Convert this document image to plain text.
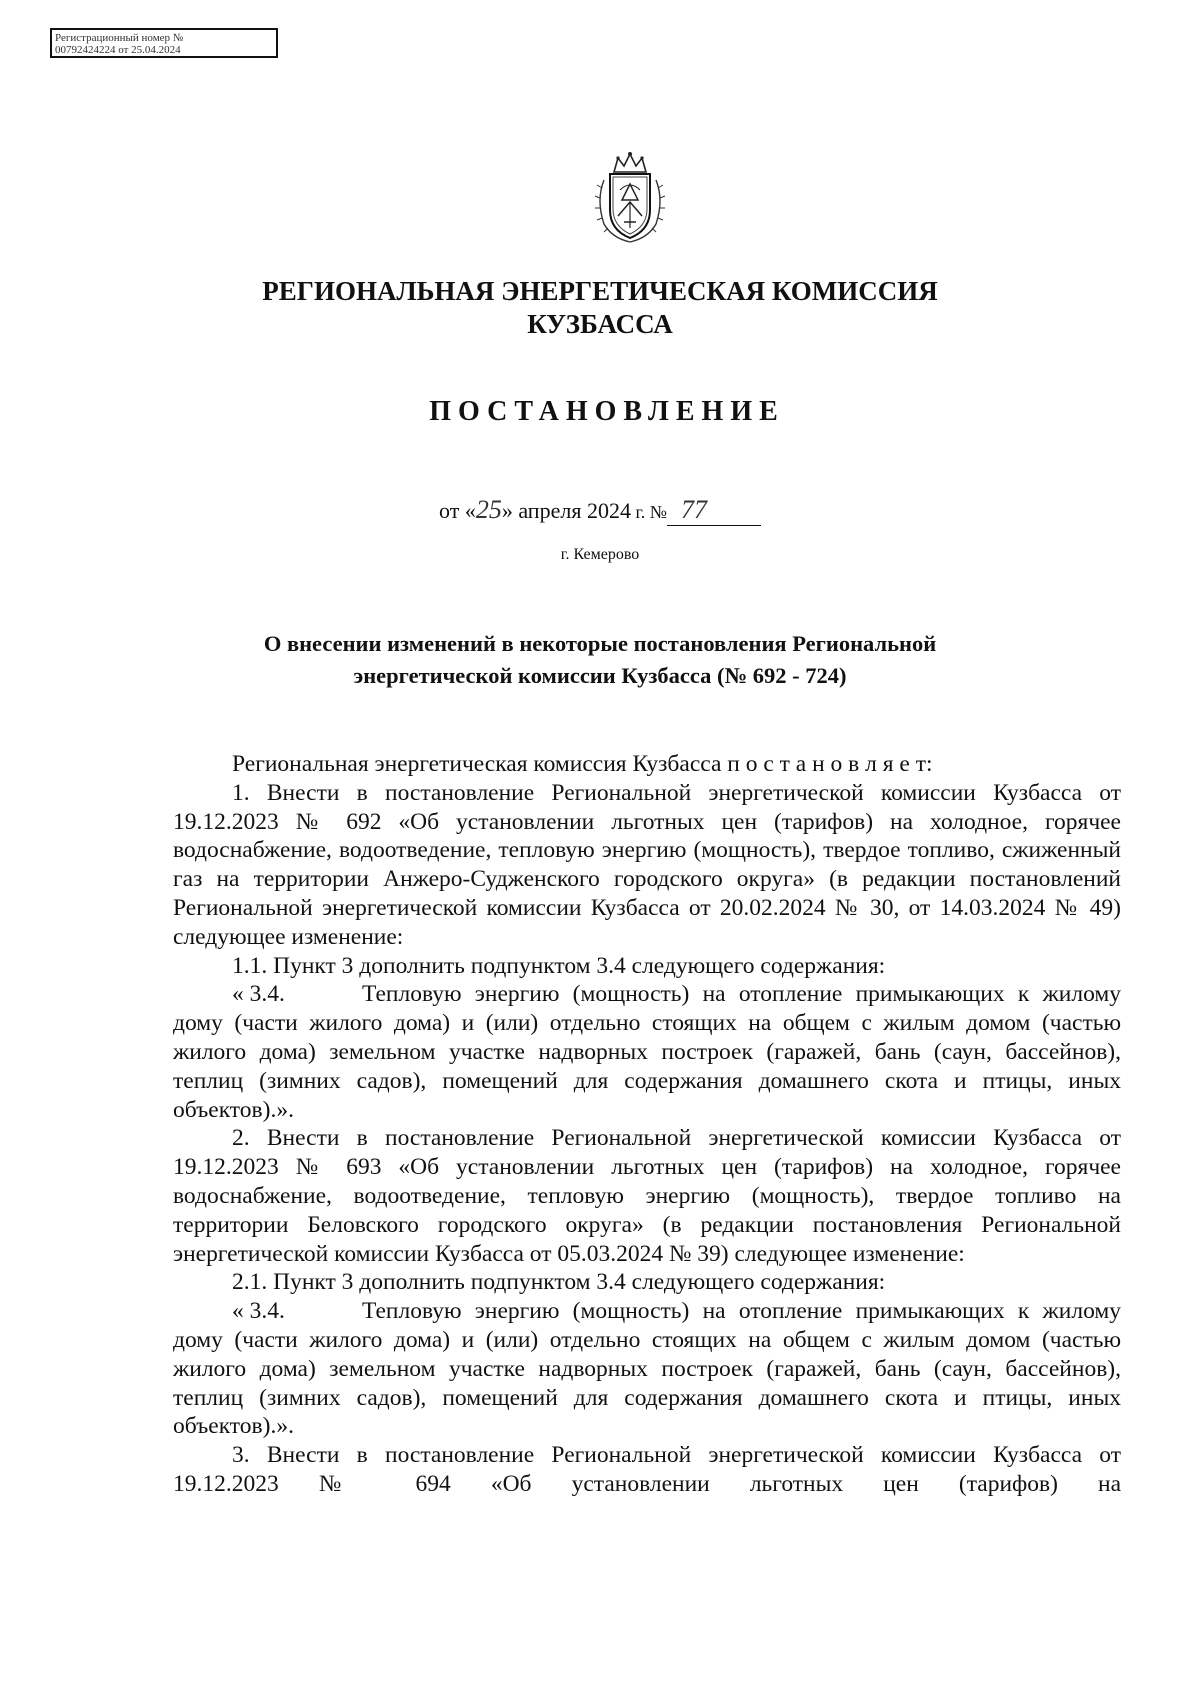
Регистрационный номер №
00792424224 от 25.04.2024
РЕГИОНАЛЬНАЯ ЭНЕРГЕТИЧЕСКАЯ КОМИССИЯ
КУЗБАССА
ПОСТАНОВЛЕНИЕ
от «25» апреля 2024 г. № 77
г. Кемерово
О внесении изменений в некоторые постановления Региональной
энергетической комиссии Кузбасса (№ 692 - 724)

Региональная энергетическая комиссия Кузбасса п о с т а н о в л я е т:

1. Внести в постановление Региональной энергетической комиссии Кузбасса от 19.12.2023 № 692 «Об установлении льготных цен (тарифов) на холодное, горячее водоснабжение, водоотведение, тепловую энергию (мощность), твердое топливо, сжиженный газ на территории Анжеро-Судженского городского округа» (в редакции постановлений Региональной энергетической комиссии Кузбасса от 20.02.2024 № 30, от 14.03.2024 № 49) следующее изменение:

1.1. Пункт 3 дополнить подпунктом 3.4 следующего содержания:

« 3.4.	Тепловую энергию (мощность) на отопление примыкающих к жилому дому (части жилого дома) и (или) отдельно стоящих на общем с жилым домом (частью жилого дома) земельном участке надворных построек (гаражей, бань (саун, бассейнов), теплиц (зимних садов), помещений для содержания домашнего скота и птицы, иных объектов).».

2. Внести в постановление Региональной энергетической комиссии Кузбасса от 19.12.2023 № 693 «Об установлении льготных цен (тарифов) на холодное, горячее водоснабжение, водоотведение, тепловую энергию (мощность), твердое топливо на территории Беловского городского округа» (в редакции постановления Региональной энергетической комиссии Кузбасса от 05.03.2024 № 39) следующее изменение:

2.1. Пункт 3 дополнить подпунктом 3.4 следующего содержания:

« 3.4.	Тепловую энергию (мощность) на отопление примыкающих к жилому дому (части жилого дома) и (или) отдельно стоящих на общем с жилым домом (частью жилого дома) земельном участке надворных построек (гаражей, бань (саун, бассейнов), теплиц (зимних садов), помещений для содержания домашнего скота и птицы, иных объектов).».

3. Внести в постановление Региональной энергетической комиссии Кузбасса от 19.12.2023 № 694 «Об установлении льготных цен (тарифов) на
